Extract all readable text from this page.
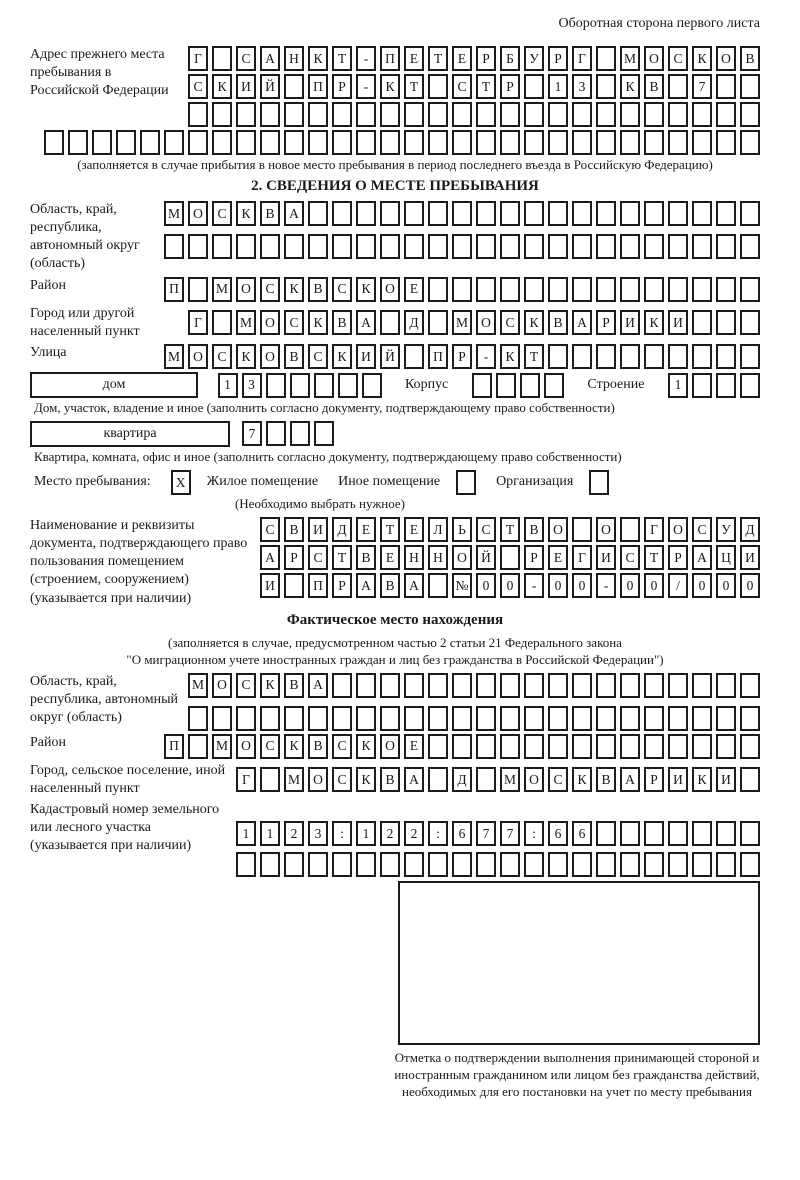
Оборотная сторона первого листа
Адрес прежнего места пребывания в Российской Федерации
Г	С	А	Н	К	Т	-	П	Е	Т	Е	Р	Б	У	Р	Г	М О	С	К	О	В
С	К	И	Й	П	Р	-	К	Т	С	Т	Р	1	3	К	В	7
(заполняется в случае прибытия в новое место пребывания в период последнего въезда в Российскую Федерацию)
2. СВЕДЕНИЯ О МЕСТЕ ПРЕБЫВАНИЯ
Область, край, республика, автономный округ (область)
М О	С	К	В	А
Район	П	М О	С	К	В	С	К	О	Е
Город или другой населенный пункт
Г	М О	С	К	В	А	Д	М О	С	К	В	А	Р	И	К	И
Улица	М О	С	К	О	В	С	К	И	Й	П	Р	-	К	Т
дом	1	3	Корпус	Строение	1
Дом, участок, владение и иное (заполнить согласно документу, подтверждающему право собственности)
квартира	7
Квартира, комната, офис и иное (заполнить согласно документу, подтверждающему право собственности)
Место пребывания:	X	Жилое помещение Иное помещение	Организация
(Необходимо выбрать нужное)
Наименование и реквизиты документа, подтверждающего право пользования помещением (строением, сооружением) (указывается при наличии)
С	В	И	Д	Е	Т	Е	Л	Ь	С	Т	В	О	О	Г	О	С	У	Д
А	Р	С	Т	В	Е	Н	Н	О	Й	Р	Е	Г	И	С	Т	Р	А	Ц	И
И	П	Р	А	В	А	№	0	0	-	0	0	-	0	0	/	0	0	0
Фактическое место нахождения
(заполняется в случае, предусмотренном частью 2 статьи 21 Федерального закона
"О миграционном учете иностранных граждан и лиц без гражданства в Российской Федерации")
Область, край, республика, автономный округ (область)
М О	С	К	В	А
Район	П	М О	С	К	В	С	К	О	Е
Город, сельское поселение, иной населенный пункт
Г	М О	С	К	В	А	Д	М О	С	К	В	А	Р	И	К	И
Кадастровый номер земельного или лесного участка (указывается при наличии)
1	1	2	3	:	1	2	2	:	6	7	7	:	6	6
Отметка о подтверждении выполнения принимающей стороной и иностранным гражданином или лицом без гражданства действий, необходимых для его постановки на учет по месту пребывания
